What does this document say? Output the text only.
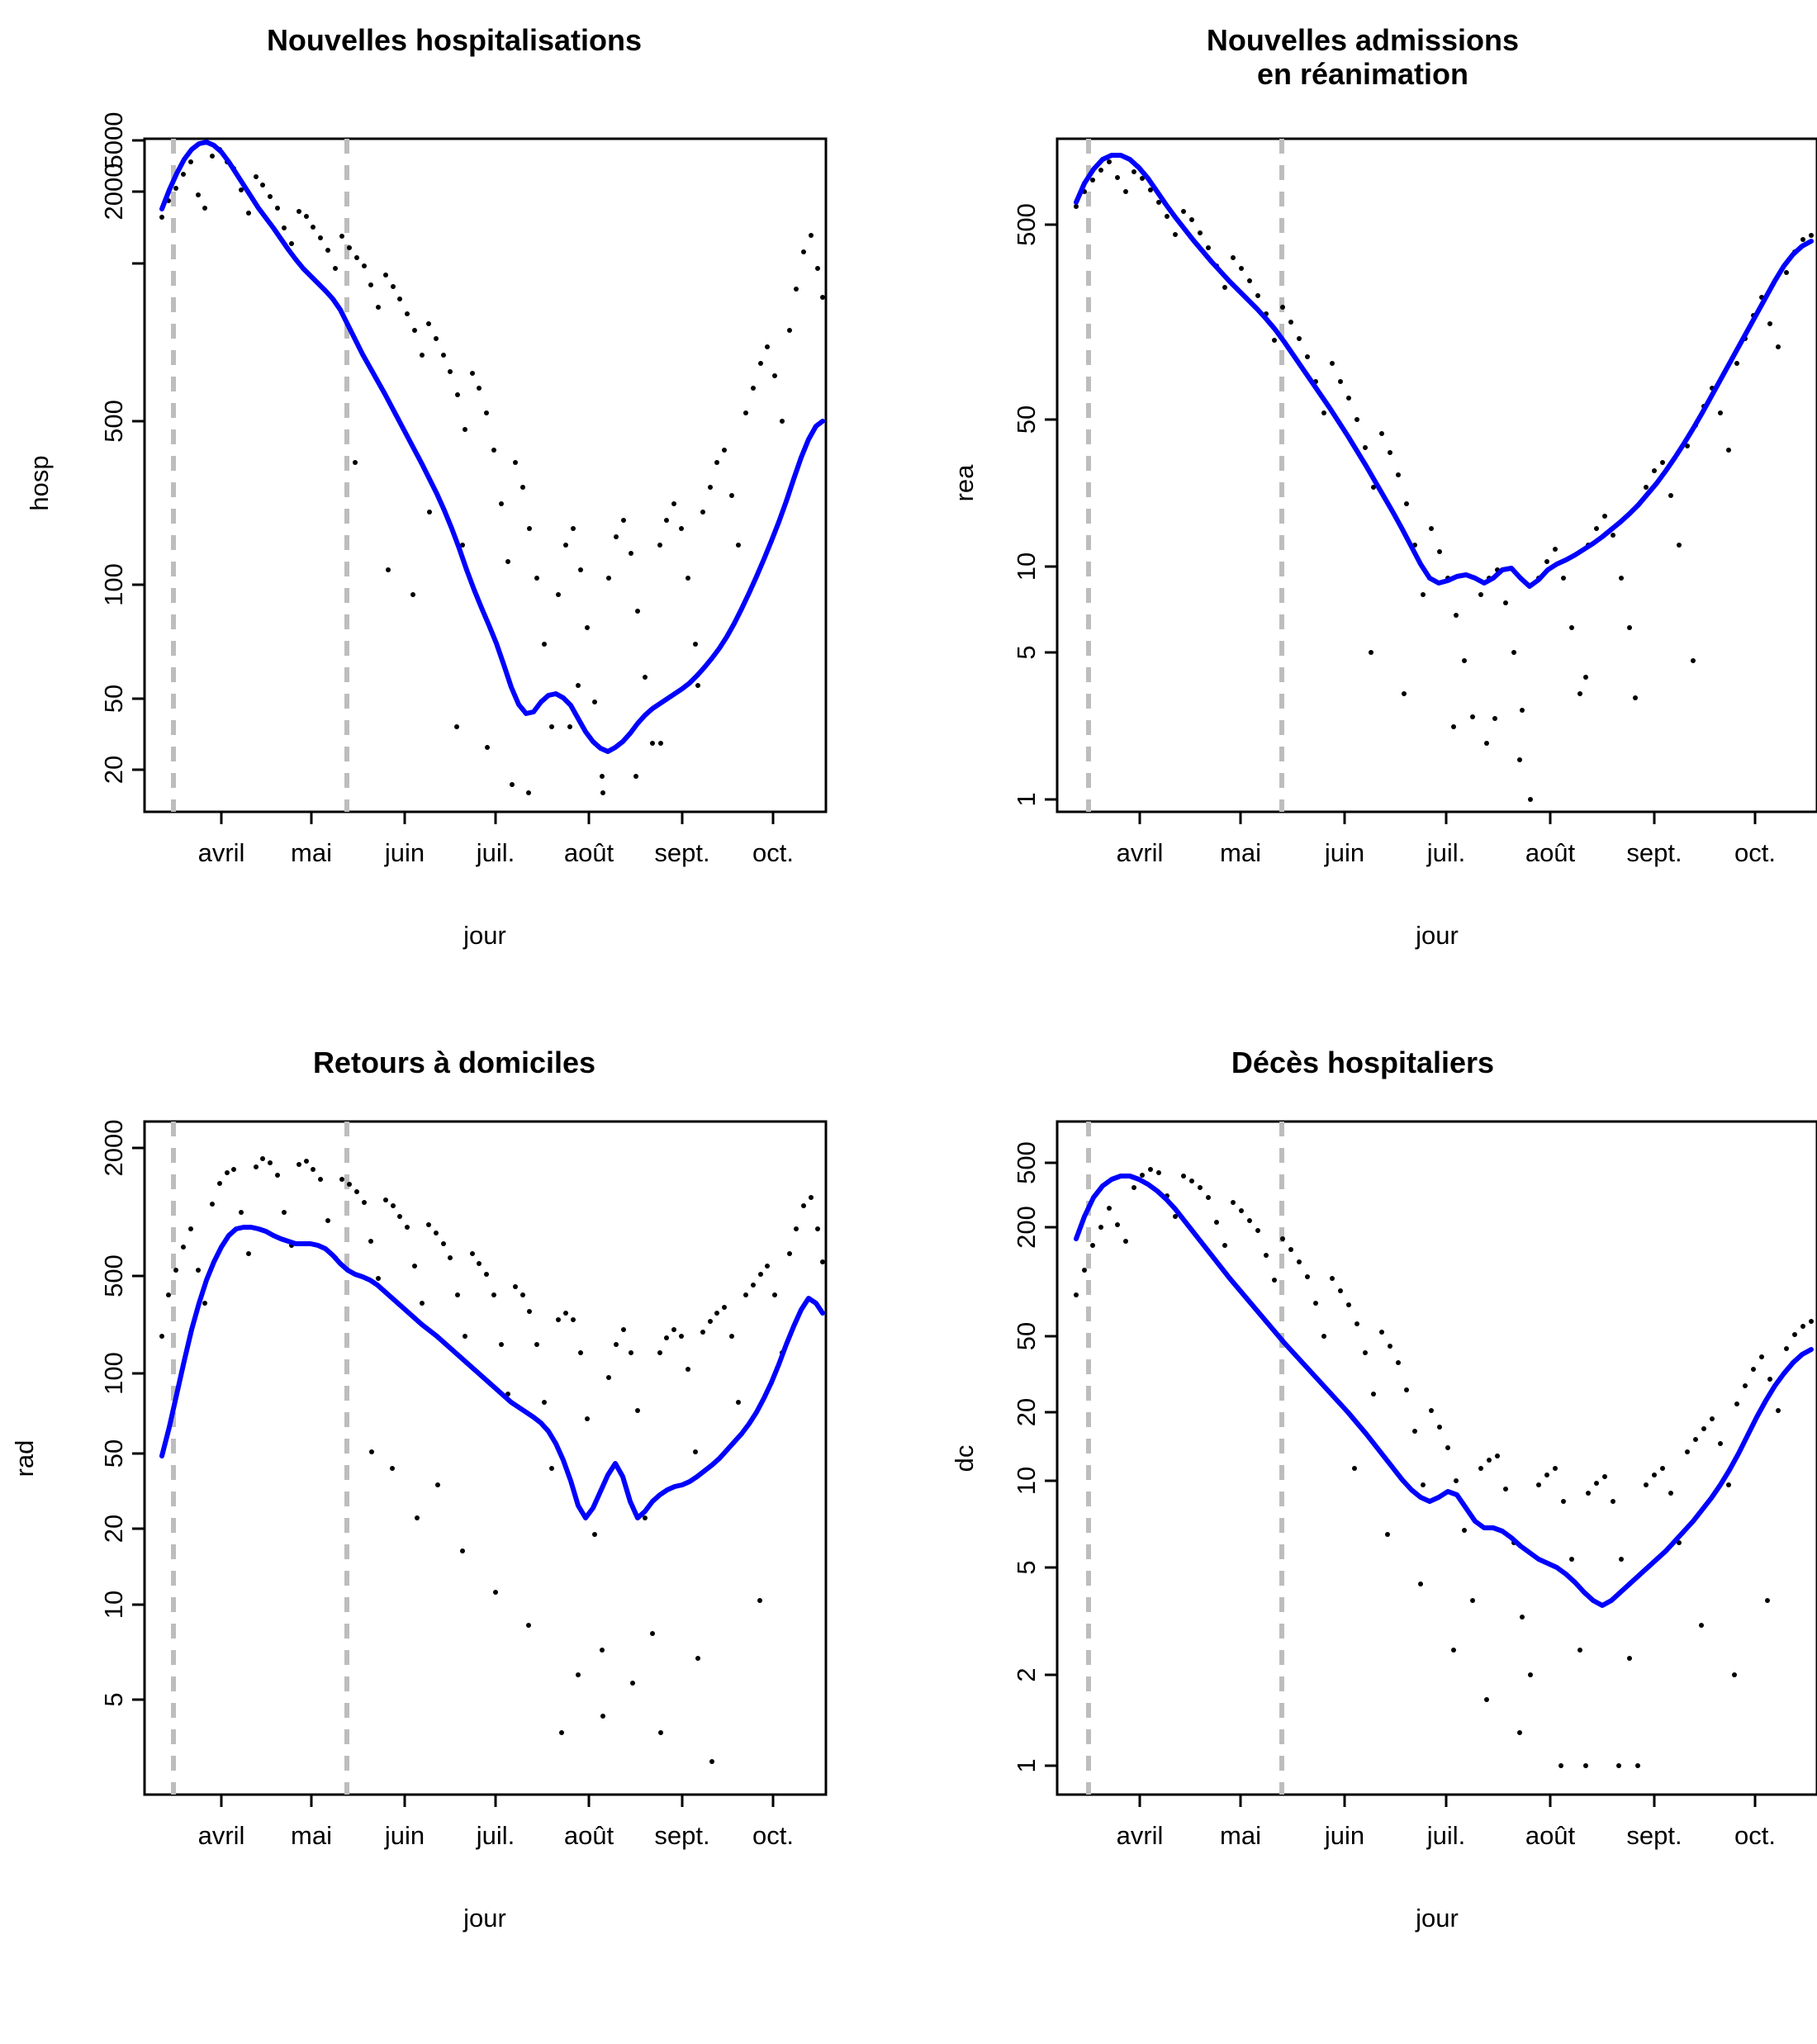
Nouvelles hospitalisations
5000
2000
500
100
50
20
hosp
avril mai juin juil. août sept. oct.
jour
Nouvelles admissions
en réanimation
500
50
10
5
1
rea
avril mai juin juil. août sept. oct.
jour
Retours à domiciles
2000
500
100
50
20
10
5
rad
avril mai juin juil. août sept. oct.
jour
Décès hospitaliers
500
200
50
20
10
5
2
1
dc
avril mai juin juil. août sept. oct.
jour
